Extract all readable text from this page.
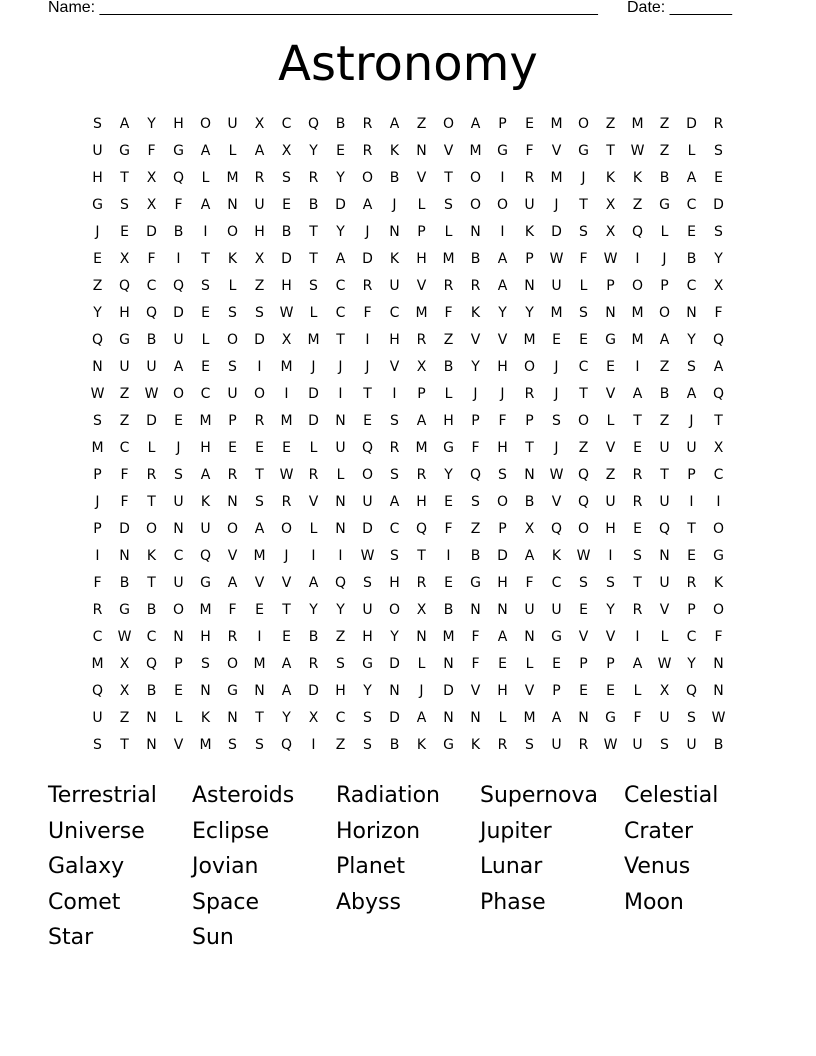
Name: ________________________________________________________ Date: _______
Astronomy
S	A	Y	H	O	U	X	C	Q	B	R	A	Z	O	A	P	E	M	O	Z	M	Z	D	R
U	G	F	G	A	L	A	X	Y	E	R	K	N	V	M	G	F	V	G	T	W	Z	L	S
H	T	X	Q	L	M	R	S	R	Y	O	B	V	T	O	I	R	M	J	K	K	B	A	E
G	S	X	F	A	N	U	E	B	D	A	J	L	S	O	O	U	J	T	X	Z	G	C	D
J	E	D	B	I	O	H	B	T	Y	J	N	P	L	N	I	K	D	S	X	Q	L	E	S
E	X	F	I	T	K	X	D	T	A	D	K	H	M	B	A	P	W	F	W	I	J	B	Y
Z	Q	C	Q	S	L	Z	H	S	C	R	U	V	R	R	A	N	U	L	P	O	P	C	X
Y	H	Q	D	E	S	S	W	L	C	F	C	M	F	K	Y	Y	M	S	N	M	O	N	F
Q	G	B	U	L	O	D	X	M	T	I	H	R	Z	V	V	M	E	E	G	M	A	Y	Q
N	U	U	A	E	S	I	M	J	J	J	V	X	B	Y	H	O	J	C	E	I	Z	S	A
W	Z	W	O	C	U	O	I	D	I	T	I	P	L	J	J	R	J	T	V	A	B	A	Q
S	Z	D	E	M	P	R	M	D	N	E	S	A	H	P	F	P	S	O	L	T	Z	J	T
M	C	L	J	H	E	E	E	L	U	Q	R	M	G	F	H	T	J	Z	V	E	U	U	X
P	F	R	S	A	R	T	W	R	L	O	S	R	Y	Q	S	N	W	Q	Z	R	T	P	C
J	F	T	U	K	N	S	R	V	N	U	A	H	E	S	O	B	V	Q	U	R	U	I	I
P	D	O	N	U	O	A	O	L	N	D	C	Q	F	Z	P	X	Q	O	H	E	Q	T	O
I	N	K	C	Q	V	M	J	I	I	W	S	T	I	B	D	A	K	W	I	S	N	E	G
F	B	T	U	G	A	V	V	A	Q	S	H	R	E	G	H	F	C	S	S	T	U	R	K
R	G	B	O	M	F	E	T	Y	Y	U	O	X	B	N	N	U	U	E	Y	R	V	P	O
C	W	C	N	H	R	I	E	B	Z	H	Y	N	M	F	A	N	G	V	V	I	L	C	F
M	X	Q	P	S	O	M	A	R	S	G	D	L	N	F	E	L	E	P	P	A	W	Y	N
Q	X	B	E	N	G	N	A	D	H	Y	N	J	D	V	H	V	P	E	E	L	X	Q	N
U	Z	N	L	K	N	T	Y	X	C	S	D	A	N	N	L	M	A	N	G	F	U	S	W
S	T	N	V	M	S	S	Q	I	Z	S	B	K	G	K	R	S	U	R	W	U	S	U	B
Terrestrial	Asteroids	Radiation	Supernova	Celestial
Universe	Eclipse	Horizon	Jupiter	Crater
Galaxy	Jovian	Planet	Lunar	Venus
Comet	Space	Abyss	Phase	Moon
Star	Sun
